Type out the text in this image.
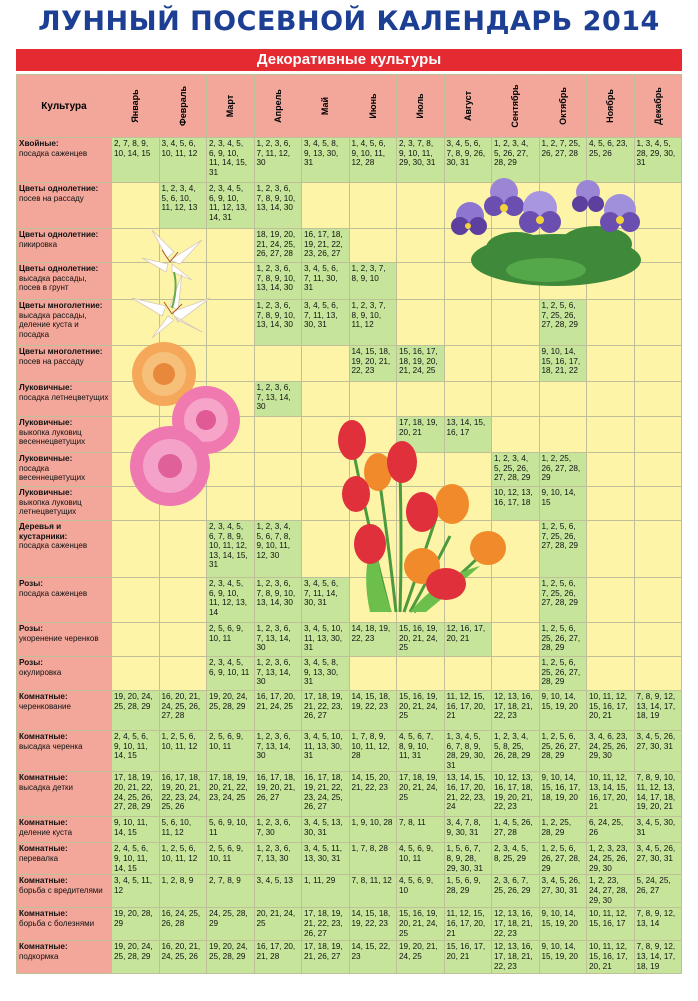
ЛУННЫЙ ПОСЕВНОЙ КАЛЕНДАРЬ 2014
Декоративные культуры
Культура	Январь	Февраль	Март	Апрель	Май	Июнь	Июль	Август	Сентябрь	Октябрь	Ноябрь	Декабрь

Хвойные:
посадка саженцев	2, 7, 8, 9, 10, 14, 15	3, 4, 5, 6, 10, 11, 12	2, 3, 4, 5, 6, 9, 10, 11, 14, 15, 31	1, 2, 3, 6, 7, 11, 12, 30	3, 4, 5, 8, 9, 13, 30, 31	1, 4, 5, 6, 9, 10, 11, 12, 28	2, 3, 7, 8, 9, 10, 11, 29, 30, 31	3, 4, 5, 6, 7, 8, 9, 26, 30, 31	1, 2, 3, 4, 5, 26, 27, 28, 29	1, 2, 7, 25, 26, 27, 28	4, 5, 6, 23, 25, 26	1, 3, 4, 5, 28, 29, 30, 31

Цветы однолетние:
посев на рассаду		1, 2, 3, 4, 5, 6, 10, 11, 12, 13	2, 3, 4, 5, 6, 9, 10, 11, 12, 13, 14, 31	1, 2, 3, 6, 7, 8, 9, 10, 13, 14, 30								

Цветы однолетние:
пикировка				18, 19, 20, 21, 24, 25, 26, 27, 28	16, 17, 18, 19, 21, 22, 23, 26, 27							

Цветы однолетние:
высадка рассады, посев в грунт				1, 2, 3, 6, 7, 8, 9, 10, 13, 14, 30	3, 4, 5, 6, 7, 11, 30, 31	1, 2, 3, 7, 8, 9, 10						

Цветы многолетние:
высадка рассады, деление куста и посадка				1, 2, 3, 6, 7, 8, 9, 10, 13, 14, 30	3, 4, 5, 6, 7, 11, 13, 30, 31	1, 2, 3, 7, 8, 9, 10, 11, 12				1, 2, 5, 6, 7, 25, 26, 27, 28, 29		

Цветы многолетние:
посев на рассаду						14, 15, 18, 19, 20, 21, 22, 23	15, 16, 17, 18, 19, 20, 21, 24, 25			9, 10, 14, 15, 16, 17, 18, 21, 22		

Луковичные:
посадка летнецветущих				1, 2, 3, 6, 7, 13, 14, 30								

Луковичные:
выкопка луковиц весеннецветущих							17, 18, 19, 20, 21	13, 14, 15, 16, 17				

Луковичные:
посадка весеннецветущих									1, 2, 3, 4, 5, 25, 26, 27, 28, 29	1, 2, 25, 26, 27, 28, 29		

Луковичные:
выкопка луковиц летнецветущих									10, 12, 13, 16, 17, 18	9, 10, 14, 15		

Деревья и кустарники:
посадка саженцев			2, 3, 4, 5, 6, 7, 8, 9, 10, 11, 12, 13, 14, 15, 31	1, 2, 3, 4, 5, 6, 7, 8, 9, 10, 11, 12, 30						1, 2, 5, 6, 7, 25, 26, 27, 28, 29		

Розы:
посадка саженцев			2, 3, 4, 5, 6, 9, 10, 11, 12, 13, 14	1, 2, 3, 6, 7, 8, 9, 10, 13, 14, 30	3, 4, 5, 6, 7, 11, 14, 30, 31					1, 2, 5, 6, 7, 25, 26, 27, 28, 29		

Розы:
укоренение черенков			2, 5, 6, 9, 10, 11	1, 2, 3, 6, 7, 13, 14, 30	3, 4, 5, 10, 11, 13, 30, 31	14, 18, 19, 22, 23	15, 16, 19, 20, 21, 24, 25	12, 16, 17, 20, 21		1, 2, 5, 6, 25, 26, 27, 28, 29		

Розы:
окулировка			2, 3, 4, 5, 6, 9, 10, 11	1, 2, 3, 6, 7, 13, 14, 30	3, 4, 5, 8, 9, 13, 30, 31					1, 2, 5, 6, 25, 26, 27, 28, 29		

Комнатные:
черенкование	19, 20, 24, 25, 28, 29	16, 20, 21, 24, 25, 26, 27, 28	19, 20, 24, 25, 28, 29	16, 17, 20, 21, 24, 25	17, 18, 19, 21, 22, 23, 26, 27	14, 15, 18, 19, 22, 23	15, 16, 19, 20, 21, 24, 25	11, 12, 15, 16, 17, 20, 21	12, 13, 16, 17, 18, 21, 22, 23	9, 10, 14, 15, 19, 20	10, 11, 12, 15, 16, 17, 20, 21	7, 8, 9, 12, 13, 14, 17, 18, 19

Комнатные:
высадка черенка	2, 4, 5, 6, 9, 10, 11, 14, 15	1, 2, 5, 6, 10, 11, 12	2, 5, 6, 9, 10, 11	1, 2, 3, 6, 7, 13, 14, 30	3, 4, 5, 10, 11, 13, 30, 31	1, 7, 8, 9, 10, 11, 12, 28	4, 5, 6, 7, 8, 9, 10, 11, 31	1, 3, 4, 5, 6, 7, 8, 9, 28, 29, 30, 31	1, 2, 3, 4, 5, 8, 25, 26, 28, 29	1, 2, 5, 6, 25, 26, 27, 28, 29	3, 4, 6, 23, 24, 25, 26, 29, 30	3, 4, 5, 26, 27, 30, 31

Комнатные:
высадка детки	17, 18, 19, 20, 21, 22, 24, 25, 26, 27, 28, 29	16, 17, 18, 19, 20, 21, 22, 23, 24, 25, 26	17, 18, 19, 20, 21, 22, 23, 24, 25	16, 17, 18, 19, 20, 21, 26, 27	16, 17, 18, 19, 21, 22, 23, 24, 25, 26, 27	14, 15, 20, 21, 22, 23	17, 18, 19, 20, 21, 24, 25	13, 14, 15, 16, 17, 20, 21, 22, 23, 24	10, 12, 13, 16, 17, 18, 19, 20, 21, 22, 23	9, 10, 14, 15, 16, 17, 18, 19, 20	10, 11, 12, 13, 14, 15, 16, 17, 20, 21	7, 8, 9, 10, 11, 12, 13, 14, 17, 18, 19, 20, 21

Комнатные:
деление куста	9, 10, 11, 14, 15	5, 6, 10, 11, 12	5, 6, 9, 10, 11	1, 2, 3, 6, 7, 30	3, 4, 5, 13, 30, 31	1, 9, 10, 28	7, 8, 11	3, 4, 7, 8, 9, 30, 31	1, 4, 5, 26, 27, 28	1, 2, 25, 28, 29	6, 24, 25, 26	3, 4, 5, 30, 31

Комнатные:
перевалка	2, 4, 5, 6, 9, 10, 11, 14, 15	1, 2, 5, 6, 10, 11, 12	2, 5, 6, 9, 10, 11	1, 2, 3, 6, 7, 13, 30	3, 4, 5, 11, 13, 30, 31	1, 7, 8, 28	4, 5, 6, 9, 10, 11	1, 5, 6, 7, 8, 9, 28, 29, 30, 31	2, 3, 4, 5, 8, 25, 29	1, 2, 5, 6, 26, 27, 28, 29	1, 2, 3, 23, 24, 25, 26, 29, 30	3, 4, 5, 26, 27, 30, 31

Комнатные:
борьба с вредителями	3, 4, 5, 11, 12	1, 2, 8, 9	2, 7, 8, 9	3, 4, 5, 13	1, 11, 29	7, 8, 11, 12	4, 5, 6, 9, 10	1, 5, 6, 9, 28, 29	2, 3, 6, 7, 25, 26, 29	3, 4, 5, 26, 27, 30, 31	1, 2, 23, 24, 27, 28, 29, 30	5, 24, 25, 26, 27

Комнатные:
борьба с болезнями	19, 20, 28, 29	16, 24, 25, 26, 28	24, 25, 28, 29	20, 21, 24, 25	17, 18, 19, 21, 22, 23, 26, 27	14, 15, 18, 19, 22, 23	15, 16, 19, 20, 21, 24, 25	11, 12, 15, 16, 17, 20, 21	12, 13, 16, 17, 18, 21, 22, 23	9, 10, 14, 15, 19, 20	10, 11, 12, 15, 16, 17	7, 8, 9, 12, 13, 14

Комнатные:
подкормка	19, 20, 24, 25, 28, 29	16, 20, 21, 24, 25, 26	19, 20, 24, 25, 28, 29	16, 17, 20, 21, 28	17, 18, 19, 21, 26, 27	14, 15, 22, 23	19, 20, 21, 24, 25	15, 16, 17, 20, 21	12, 13, 16, 17, 18, 21, 22, 23	9, 10, 14, 15, 19, 20	10, 11, 12, 15, 16, 17, 20, 21	7, 8, 9, 12, 13, 14, 17, 18, 19
